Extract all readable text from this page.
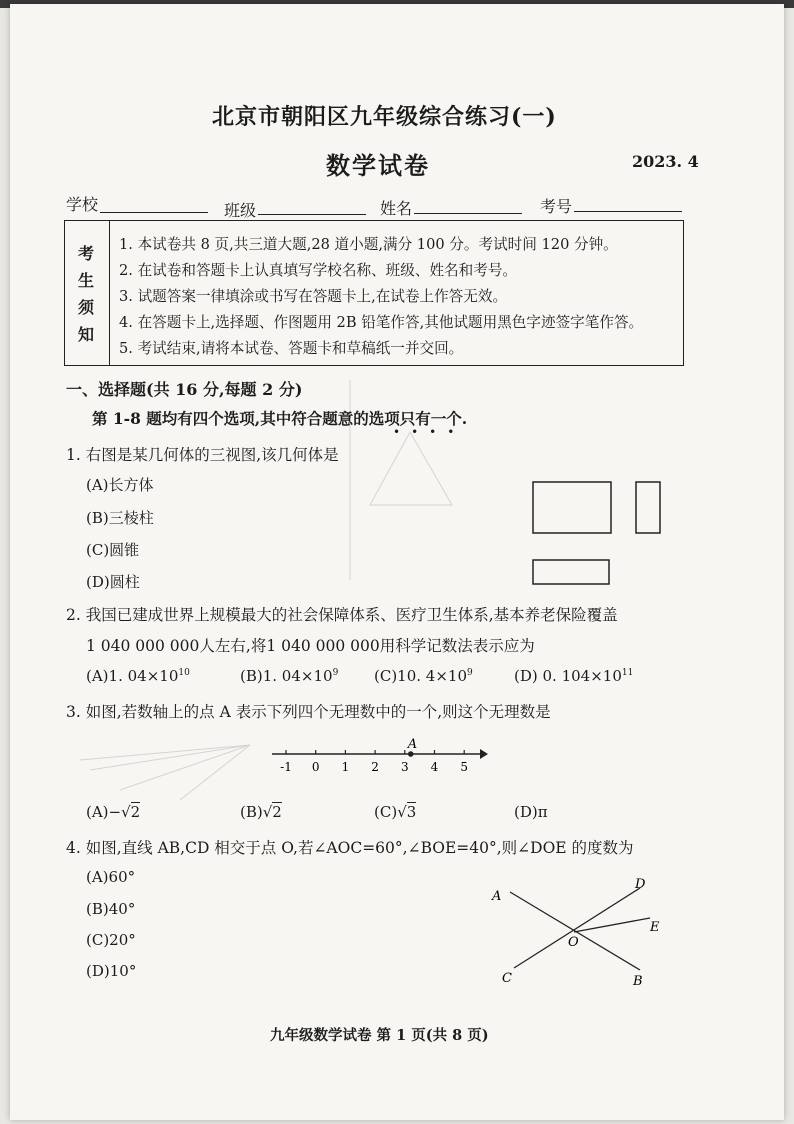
北京市朝阳区九年级综合练习(一)
数学试卷	2023. 4
学校	班级	姓名	考号
考
生
须
知
1. 本试卷共 8 页,共三道大题,28 道小题,满分 100 分。考试时间 120 分钟。
2. 在试卷和答题卡上认真填写学校名称、班级、姓名和考号。
3. 试题答案一律填涂或书写在答题卡上,在试卷上作答无效。
4. 在答题卡上,选择题、作图题用 2B 铅笔作答,其他试题用黑色字迹签字笔作答。
5. 考试结束,请将本试卷、答题卡和草稿纸一并交回。
一、选择题(共 16 分,每题 2 分)
第 1-8 题均有四个选项,其中符合题意的选项只有一个.
••••
1. 右图是某几何体的三视图,该几何体是
(A)长方体
(B)三棱柱
(C)圆锥
(D)圆柱
2. 我国已建成世界上规模最大的社会保障体系、医疗卫生体系,基本养老保险覆盖
1 040 000 000人左右,将1 040 000 000用科学记数法表示应为
(A)1. $04\times 10^{10}$	(B)1. $04\times 10^9$ (C)10. $4\times 10^9$	(D) 0. $104\times 10^{11}$
3. 如图,若数轴上的点 A 表示下列四个无理数中的一个,则这个无理数是
-1 0 1 2 3 4 5
A
(A)−√2	(B)√2	(C)√3	(D)π
4. 如图,直线 AB,CD 相交于点 O,若∠AOC=60°,∠BOE=40°,则∠DOE 的度数为
(A)60°
(B)40°
(C)20°
(D)10°
A
B
C
D
E
O
九年级数学试卷 第 1 页(共 8 页)
